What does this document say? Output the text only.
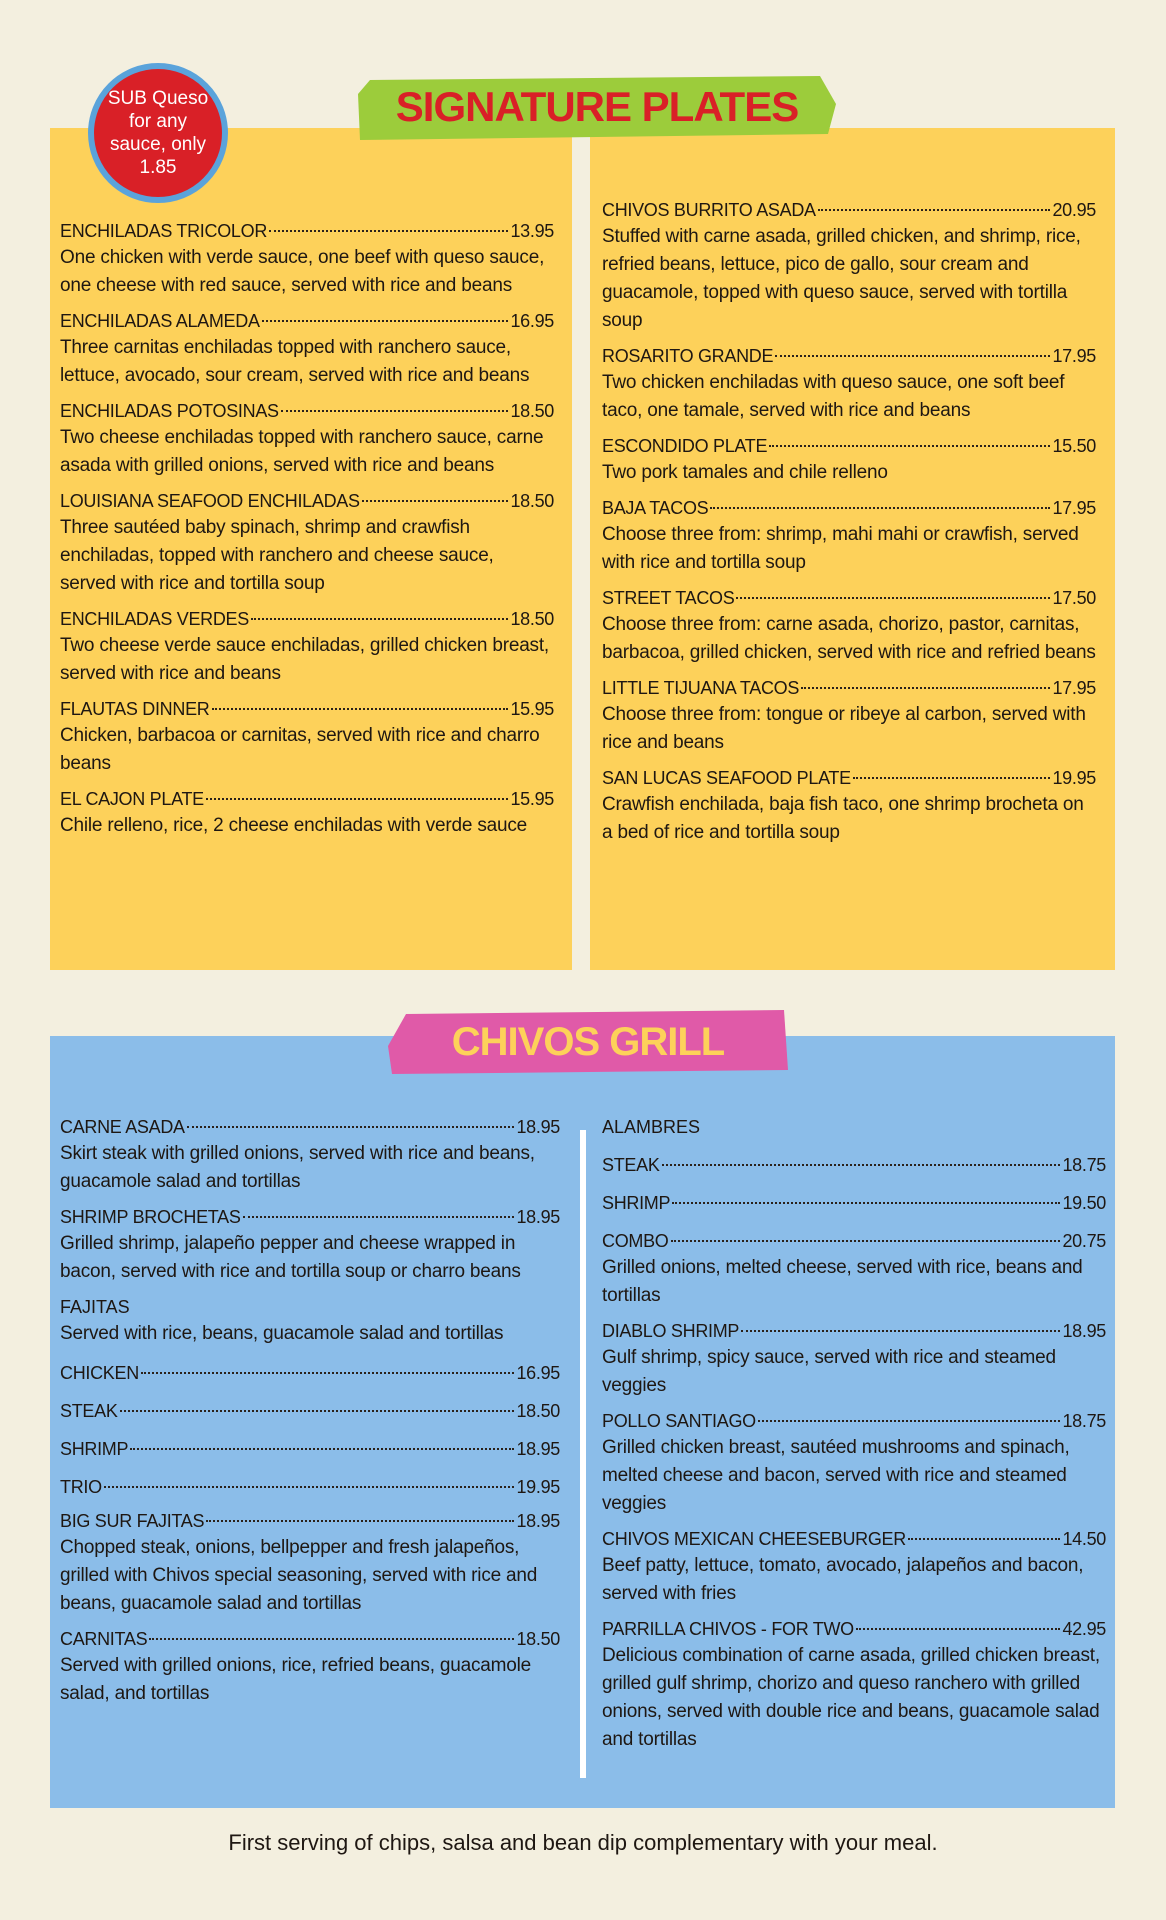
SIGNATURE PLATES
SUB Queso for any sauce, only 1.85
ENCHILADAS TRICOLOR	13.95
One chicken with verde sauce, one beef with queso sauce, one cheese with red sauce, served with rice and beans
ENCHILADAS ALAMEDA	16.95
Three carnitas enchiladas topped with ranchero sauce, lettuce, avocado, sour cream, served with rice and beans
ENCHILADAS POTOSINAS	18.50
Two cheese enchiladas topped with ranchero sauce, carne asada with grilled onions, served with rice and beans
LOUISIANA SEAFOOD ENCHILADAS	18.50
Three sautéed baby spinach, shrimp and crawfish enchiladas, topped with ranchero and cheese sauce, served with rice and tortilla soup
ENCHILADAS VERDES	18.50
Two cheese verde sauce enchiladas, grilled chicken breast, served with rice and beans
FLAUTAS DINNER	15.95
Chicken, barbacoa or carnitas, served with rice and charro beans
EL CAJON PLATE	15.95
Chile relleno, rice, 2 cheese enchiladas with verde sauce
CHIVOS BURRITO ASADA	20.95
Stuffed with carne asada, grilled chicken, and shrimp, rice, refried beans, lettuce, pico de gallo, sour cream and guacamole, topped with queso sauce, served with tortilla soup
ROSARITO GRANDE	17.95
Two chicken enchiladas with queso sauce, one soft beef taco, one tamale, served with rice and beans
ESCONDIDO PLATE	15.50
Two pork tamales and chile relleno
BAJA TACOS	17.95
Choose three from: shrimp, mahi mahi or crawfish, served with rice and tortilla soup
STREET TACOS	17.50
Choose three from: carne asada, chorizo, pastor, carnitas, barbacoa, grilled chicken, served with rice and refried beans
LITTLE TIJUANA TACOS	17.95
Choose three from: tongue or ribeye al carbon, served with rice and beans
SAN LUCAS SEAFOOD PLATE	19.95
Crawfish enchilada, baja fish taco, one shrimp brocheta on a bed of rice and tortilla soup
CHIVOS GRILL
CARNE ASADA	18.95
Skirt steak with grilled onions, served with rice and beans, guacamole salad and tortillas
SHRIMP BROCHETAS	18.95
Grilled shrimp, jalapeño pepper and cheese wrapped in bacon, served with rice and tortilla soup or charro beans
FAJITAS
Served with rice, beans, guacamole salad and tortillas
CHICKEN	16.95
STEAK	18.50
SHRIMP	18.95
TRIO	19.95
BIG SUR FAJITAS	18.95
Chopped steak, onions, bellpepper and fresh jalapeños, grilled with Chivos special seasoning, served with rice and beans, guacamole salad and tortillas
CARNITAS	18.50
Served with grilled onions, rice, refried beans, guacamole salad, and tortillas
ALAMBRES
STEAK	18.75
SHRIMP	19.50
COMBO	20.75
Grilled onions, melted cheese, served with rice, beans and tortillas
DIABLO SHRIMP	18.95
Gulf shrimp, spicy sauce, served with rice and steamed veggies
POLLO SANTIAGO	18.75
Grilled chicken breast, sautéed mushrooms and spinach, melted cheese and bacon, served with rice and steamed veggies
CHIVOS MEXICAN CHEESEBURGER	14.50
Beef patty, lettuce, tomato, avocado, jalapeños and bacon, served with fries
PARRILLA CHIVOS - FOR TWO	42.95
Delicious combination of carne asada, grilled chicken breast, grilled gulf shrimp, chorizo and queso ranchero with grilled onions, served with double rice and beans, guacamole salad and tortillas
First serving of chips, salsa and bean dip complementary with your meal.
